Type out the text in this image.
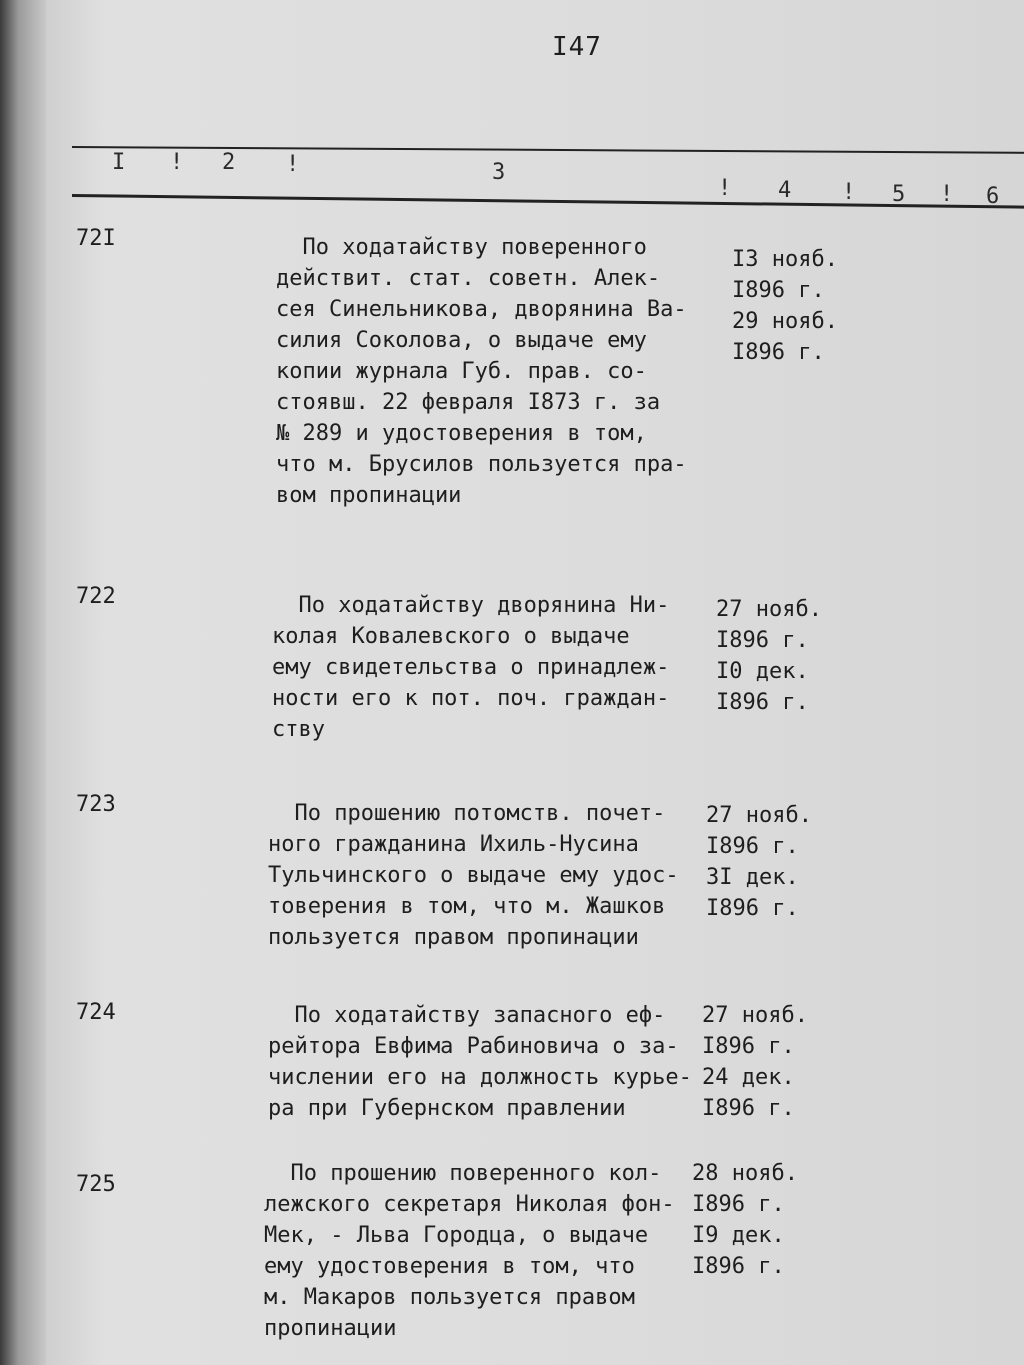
I47
I ! 2 !	3
! 4 ! 5 ! 6
72I	По ходатайству поверенного
действит. стат. советн. Алек-
сея Синельникова, дворянина Ва-
силия Соколова, о выдаче ему
копии журнала Губ. прав. со-
стоявш. 22 февраля I873 г. за
№ 289 и удостоверения в том,
что м. Брусилов пользуется пра-
вом пропинации
I3 нояб.
I896 г.
29 нояб.
I896 г.
722	По ходатайству дворянина Ни-
колая Ковалевского о выдаче
ему свидетельства о принадлеж-
ности его к пот. поч. граждан-
ству
27 нояб.
I896 г.
I0 дек.
I896 г.
723	По прошению потомств. почет-
ного гражданина Ихиль-Нусина
Тульчинского о выдаче ему удос-
товерения в том, что м. Жашков
пользуется правом пропинации
27 нояб.
I896 г.
3I дек.
I896 г.
724	По ходатайству запасного еф-
рейтора Евфима Рабиновича о за-
числении его на должность курье-
ра при Губернском правлении
27 нояб.
I896 г.
24 дек.
I896 г.
725	По прошению поверенного кол-
лежского секретаря Николая фон-
Мек, - Льва Городца, о выдаче
ему удостоверения в том, что
м. Макаров пользуется правом
пропинации
28 нояб.
I896 г.
I9 дек.
I896 г.
